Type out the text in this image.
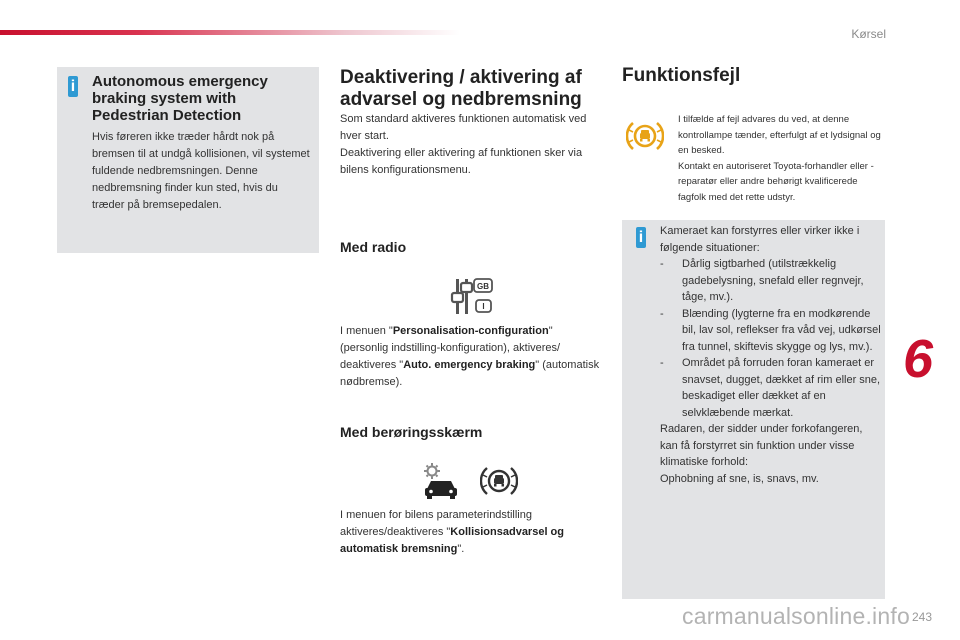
Kørsel
i Autonomous emergency braking system with Pedestrian Detection
Hvis føreren ikke træder hårdt nok på bremsen til at undgå kollisionen, vil systemet fuldende nedbremsningen. Denne nedbremsning finder kun sted, hvis du træder på bremsepedalen.
Deaktivering / aktivering af advarsel og nedbremsning
Som standard aktiveres funktionen automatisk ved hver start.
Deaktivering eller aktivering af funktionen sker via bilens konfigurationsmenu.
Med radio
GB
I
I menuen "Personalisation-configuration" (personlig indstilling-konfiguration), aktiveres/ deaktiveres "Auto. emergency braking" (automatisk nødbremse).
Med berøringsskærm
I menuen for bilens parameterindstilling aktiveres/deaktiveres "Kollisionsadvarsel og automatisk bremsning".
Funktionsfejl
I tilfælde af fejl advares du ved, at denne kontrollampe tænder, efterfulgt af et lydsignal og en besked.
Kontakt en autoriseret Toyota-forhandler eller -reparatør eller andre behørigt kvalificerede fagfolk med det rette udstyr.
i Kameraet kan forstyrres eller virker ikke i følgende situationer:
-	Dårlig sigtbarhed (utilstrækkelig gadebelysning, snefald eller regnvejr, tåge, mv.).
-	Blænding (lygterne fra en modkørende bil, lav sol, reflekser fra våd vej, udkørsel fra tunnel, skiftevis skygge og lys, mv.).
-	Området på forruden foran kameraet er snavset, dugget, dækket af rim eller sne, beskadiget eller dækket af en selvklæbende mærkat.
Radaren, der sidder under forkofangeren, kan få forstyrret sin funktion under visse klimatiske forhold:
Ophobning af sne, is, snavs, mv.
6
243
carmanualsonline.info
